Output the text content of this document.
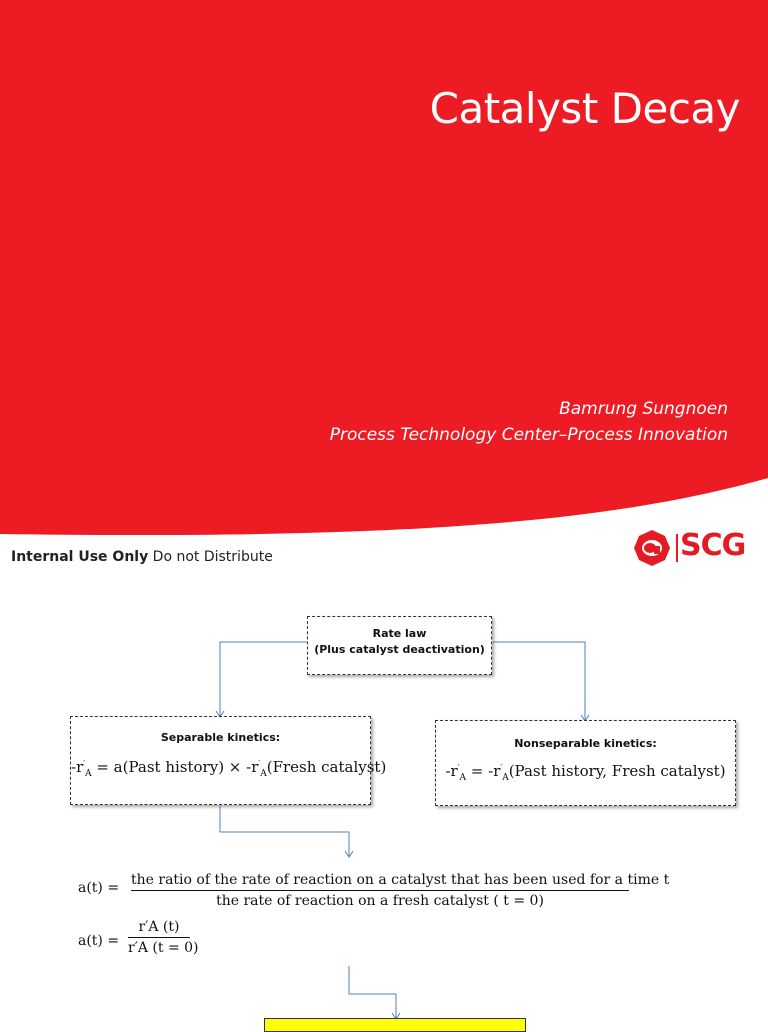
Catalyst Decay
Bamrung Sungnoen
Process Technology Center–Process Innovation
Internal Use Only Do not Distribute	SCG
Rate law
(Plus catalyst deactivation)
Separable kinetics:
$-r'_A$ = a(Past history) × $-r'_A(Fresh$ catalyst)
Nonseparable kinetics:
$-r'_A$ = $-r'_A(Past$ history, Fresh catalyst)
a(t) = the ratio of the rate of reaction on a catalyst that has been used for a time t
the rate of reaction on a fresh catalyst ( t = 0)
$a(t) = \frac{r'A (t)}{r'A (t = 0)}$
